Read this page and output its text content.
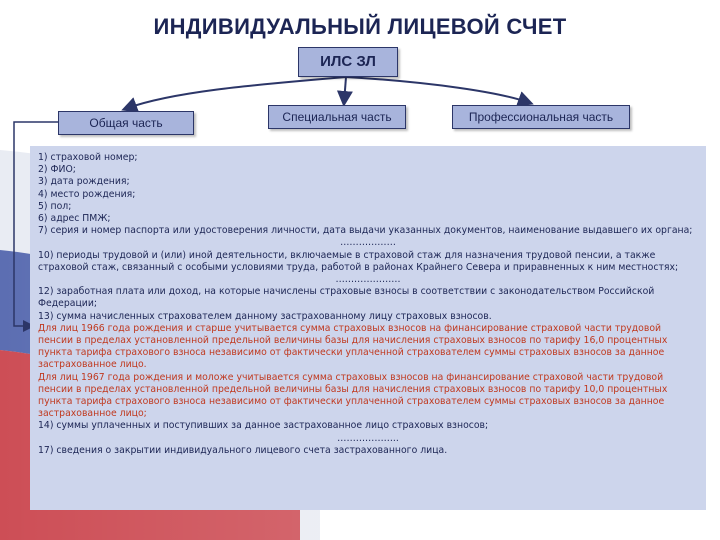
ИНДИВИДУАЛЬНЫЙ ЛИЦЕВОЙ СЧЕТ
ИЛС ЗЛ
Общая часть	Специальная часть	Профессиональная часть
1) страховой номер;
2) ФИО;
3) дата рождения;
4) место рождения;
5) пол;
6) адрес ПМЖ;
7) серия и номер паспорта или удостоверения личности, дата выдачи указанных документов, наименование выдавшего их органа;
………………
10) периоды трудовой и (или) иной деятельности, включаемые в страховой стаж для назначения трудовой пенсии, а также страховой стаж, связанный с особыми условиями труда, работой в районах Крайнего Севера и приравненных к ним местностях;
…………………
12) заработная плата или доход, на которые начислены страховые взносы в соответствии с законодательством Российской Федерации;
13) сумма начисленных страхователем данному застрахованному лицу страховых взносов.
Для лиц 1966 года рождения и старше учитывается сумма страховых взносов на финансирование страховой части трудовой пенсии в пределах установленной предельной величины базы для начисления страховых взносов по тарифу 16,0 процентных пункта тарифа страхового взноса независимо от фактически уплаченной страхователем суммы страховых взносов за данное застрахованное лицо.
Для лиц 1967 года рождения и моложе учитывается сумма страховых взносов на финансирование страховой части трудовой пенсии в пределах установленной предельной величины базы для начисления страховых взносов по тарифу 10,0 процентных пункта тарифа страхового взноса независимо от фактически уплаченной страхователем суммы страховых взносов за данное застрахованное лицо;
14) суммы уплаченных и поступивших за данное застрахованное лицо страховых взносов;
………………..
17) сведения о закрытии индивидуального лицевого счета застрахованного лица.
